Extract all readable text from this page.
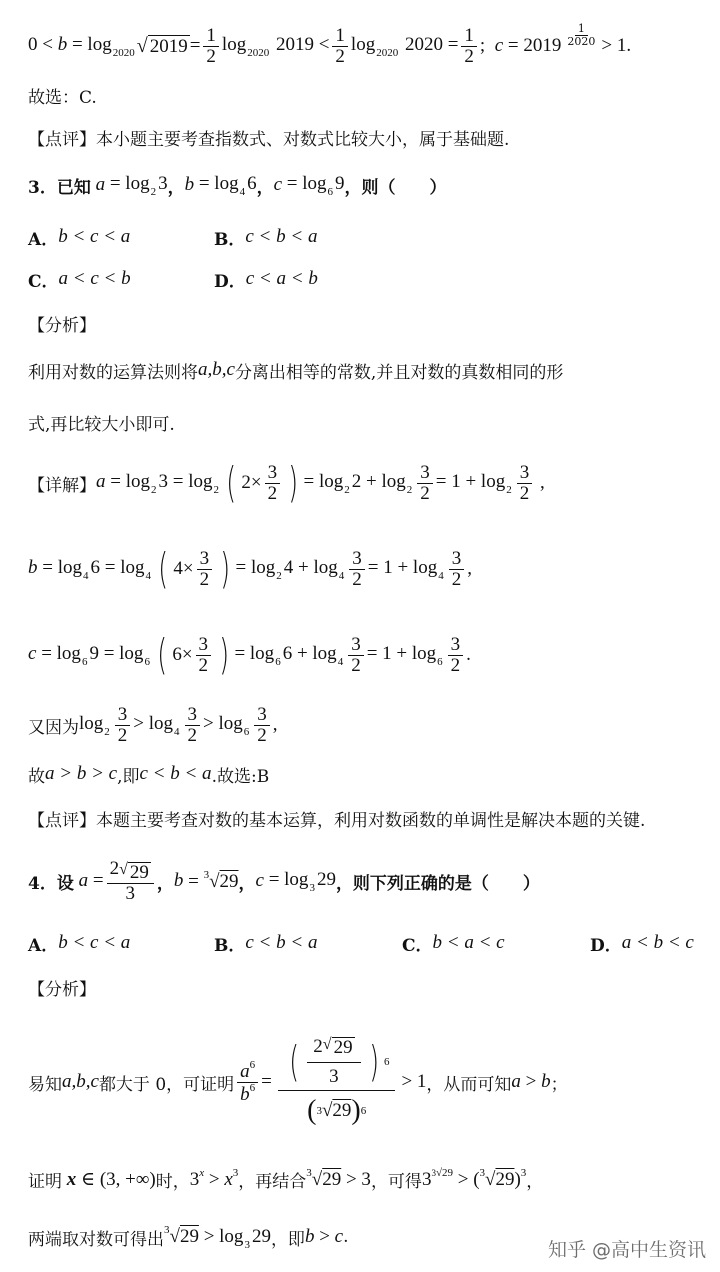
$0 < b = \log_{2020}$ √ $2019 = \frac{1}{2} \log_{2020} 2019 < \frac{1}{2} \log_{2020} 2020 = \frac{1}{2}$ ;  $c = 2019 \frac{1}{2020} > 1$.
故选：C.
【点评】 本小题主要考查指数式、对数式比较大小，属于基础题.
3． 已知 $a = \log_2 3$ ， $b = \log_4 6$ ， $c = \log_6 9$ ，则（　　）
A． b < c < a	B． c < b < a
C． a < c < b	D． c < a < b
【分析】
利用对数的运算法则将 a,b,c 分离出相等的常数,并且对数的真数相同的形
式,再比较大小即可.
【详解】 $a = \log_2 3 = \log_2$ ( $2\times \frac{3}{2}$ ) = $\log_2 2 + \log_2 \frac{3}{2} = 1 + \log_2 \frac{3}{2}$ ,
$b = \log_4 6 = \log_4$ ( $4\times \frac{3}{2}$ ) = $\log_2 4 + \log_4 \frac{3}{2} = 1 + \log_4 \frac{3}{2}$ ,
$c = \log_6 9 = \log_6$ ( $6\times \frac{3}{2}$ ) = $\log_6 6 + \log_4 \frac{3}{2} = 1 + \log_6 \frac{3}{2}$ .
又因为 $\log_2 \frac{3}{2} > \log_4 \frac{3}{2} > \log_6 \frac{3}{2}$ ,
故 a > b > c ,即 c < b < a .故选:B
【点评】 本题主要考查对数的基本运算，利用对数函数的单调性是解决本题的关键.
4． 设 $a = \frac{2 √ 29}{3}$ ， b = $^3$√29 ， $c = \log_3 29$ ，则下列正确的是（　　）
A． b < c < a	B． c < b < a	C． b < a < c	D． a < b < c
【分析】
易知 a,b,c 都大于 0，可证明 $\frac{a^6}{b^6} = \frac{( \frac{2 √ 29}{3} ) 6}{( 3 √ 29 ) 6} > 1$ ，从而可知 a > b ；
证明 x ∈ (3, +∞) 时， $3^x > x^3$ ，再结合 $^3$√29 > 3 ，可得 $3^{3√29} > (^3√29)^3$ ，
两端取对数可得出 $^3√29 > \log_3 29$ ，即 b > c .
知乎 @高中生资讯
